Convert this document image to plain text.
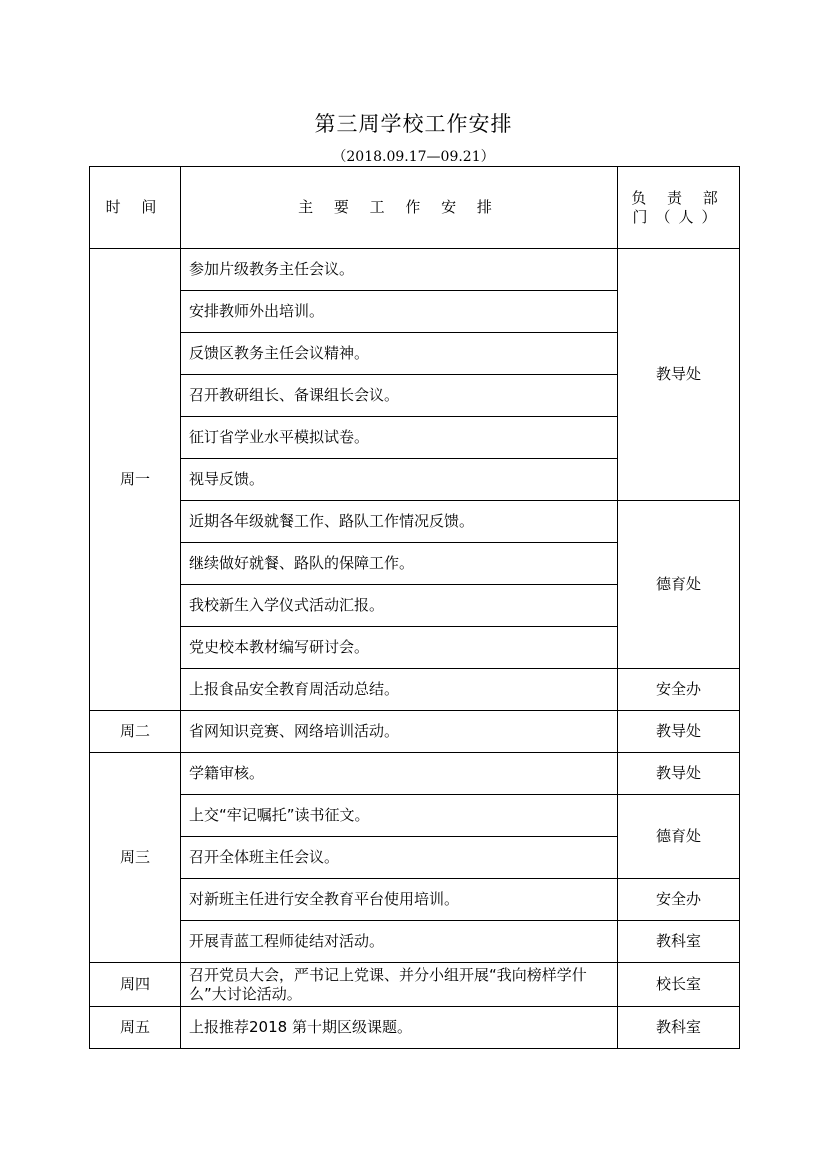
第三周学校工作安排
（2018.09.17—09.21）
时 间	主 要 工 作 安 排	负 责 部 门（人）
周一	参加片级教务主任会议。	教导处
	安排教师外出培训。	
	反馈区教务主任会议精神。	
	召开教研组长、备课组长会议。	
	征订省学业水平模拟试卷。	
	视导反馈。	
	近期各年级就餐工作、路队工作情况反馈。	德育处
	继续做好就餐、路队的保障工作。	
	我校新生入学仪式活动汇报。	
	党史校本教材编写研讨会。	
	上报食品安全教育周活动总结。	安全办
周二	省网知识竞赛、网络培训活动。	教导处
周三	学籍审核。	教导处
	上交“牢记嘱托”读书征文。	德育处
	召开全体班主任会议。	
	对新班主任进行安全教育平台使用培训。	安全办
	开展青蓝工程师徒结对活动。	教科室
周四	召开党员大会，严书记上党课、并分小组开展“我向榜样学什么”大讨论活动。	校长室
周五	上报推荐2018 第十期区级课题。	教科室
